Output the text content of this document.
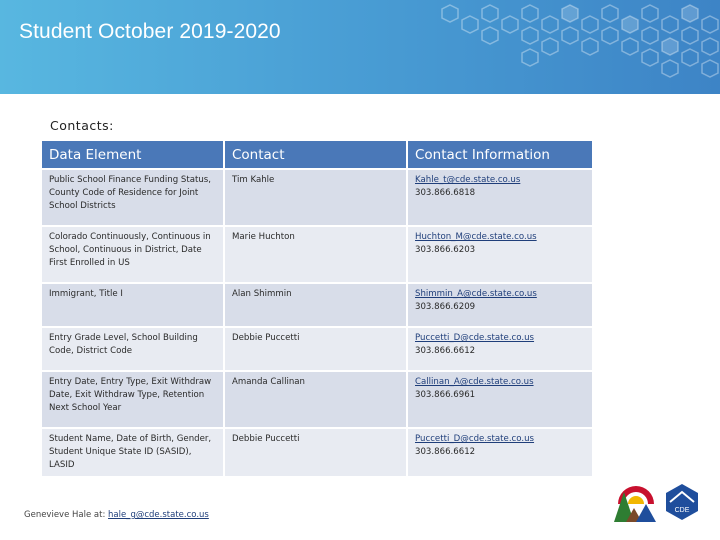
Student October 2019-2020
Contacts:
Data Element	Contact	Contact Information
Public School Finance Funding Status, County Code of Residence for Joint School Districts	Tim Kahle	Kahle_t@cde.state.co.us
303.866.6818

Colorado Continuously, Continuous in School, Continuous in District, Date First Enrolled in US	Marie Huchton	Huchton_M@cde.state.co.us
303.866.6203

Immigrant, Title I	Alan Shimmin	Shimmin_A@cde.state.co.us
303.866.6209

Entry Grade Level, School Building Code, District Code	Debbie Puccetti	Puccetti_D@cde.state.co.us
303.866.6612

Entry Date, Entry Type, Exit Withdraw Date, Exit Withdraw Type, Retention Next School Year	Amanda Callinan	Callinan_A@cde.state.co.us
303.866.6961

Student Name, Date of Birth, Gender, Student Unique State ID (SASID), LASID	Debbie Puccetti	Puccetti_D@cde.state.co.us
303.866.6612
Genevieve Hale at: hale_g@cde.state.co.us	CDE
